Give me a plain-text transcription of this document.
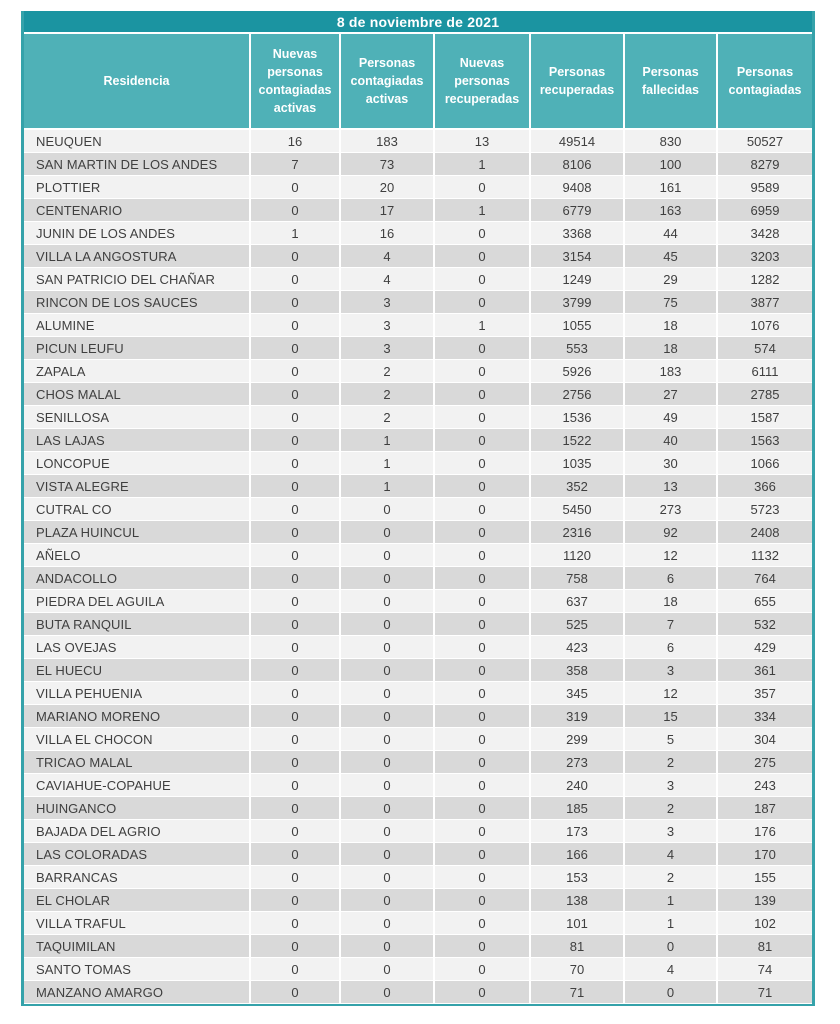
8 de noviembre de 2021
Residencia	Nuevas personas contagiadas activas	Personas contagiadas activas	Nuevas personas recuperadas	Personas recuperadas	Personas fallecidas	Personas contagiadas
NEUQUEN	16	183	13	49514	830	50527
SAN MARTIN DE LOS ANDES	7	73	1	8106	100	8279
PLOTTIER	0	20	0	9408	161	9589
CENTENARIO	0	17	1	6779	163	6959
JUNIN DE LOS ANDES	1	16	0	3368	44	3428
VILLA LA ANGOSTURA	0	4	0	3154	45	3203
SAN PATRICIO DEL CHAÑAR	0	4	0	1249	29	1282
RINCON DE LOS SAUCES	0	3	0	3799	75	3877
ALUMINE	0	3	1	1055	18	1076
PICUN LEUFU	0	3	0	553	18	574
ZAPALA	0	2	0	5926	183	6111
CHOS MALAL	0	2	0	2756	27	2785
SENILLOSA	0	2	0	1536	49	1587
LAS LAJAS	0	1	0	1522	40	1563
LONCOPUE	0	1	0	1035	30	1066
VISTA ALEGRE	0	1	0	352	13	366
CUTRAL CO	0	0	0	5450	273	5723
PLAZA HUINCUL	0	0	0	2316	92	2408
AÑELO	0	0	0	1120	12	1132
ANDACOLLO	0	0	0	758	6	764
PIEDRA DEL AGUILA	0	0	0	637	18	655
BUTA RANQUIL	0	0	0	525	7	532
LAS OVEJAS	0	0	0	423	6	429
EL HUECU	0	0	0	358	3	361
VILLA PEHUENIA	0	0	0	345	12	357
MARIANO MORENO	0	0	0	319	15	334
VILLA EL CHOCON	0	0	0	299	5	304
TRICAO MALAL	0	0	0	273	2	275
CAVIAHUE-COPAHUE	0	0	0	240	3	243
HUINGANCO	0	0	0	185	2	187
BAJADA DEL AGRIO	0	0	0	173	3	176
LAS COLORADAS	0	0	0	166	4	170
BARRANCAS	0	0	0	153	2	155
EL CHOLAR	0	0	0	138	1	139
VILLA TRAFUL	0	0	0	101	1	102
TAQUIMILAN	0	0	0	81	0	81
SANTO TOMAS	0	0	0	70	4	74
MANZANO AMARGO	0	0	0	71	0	71
